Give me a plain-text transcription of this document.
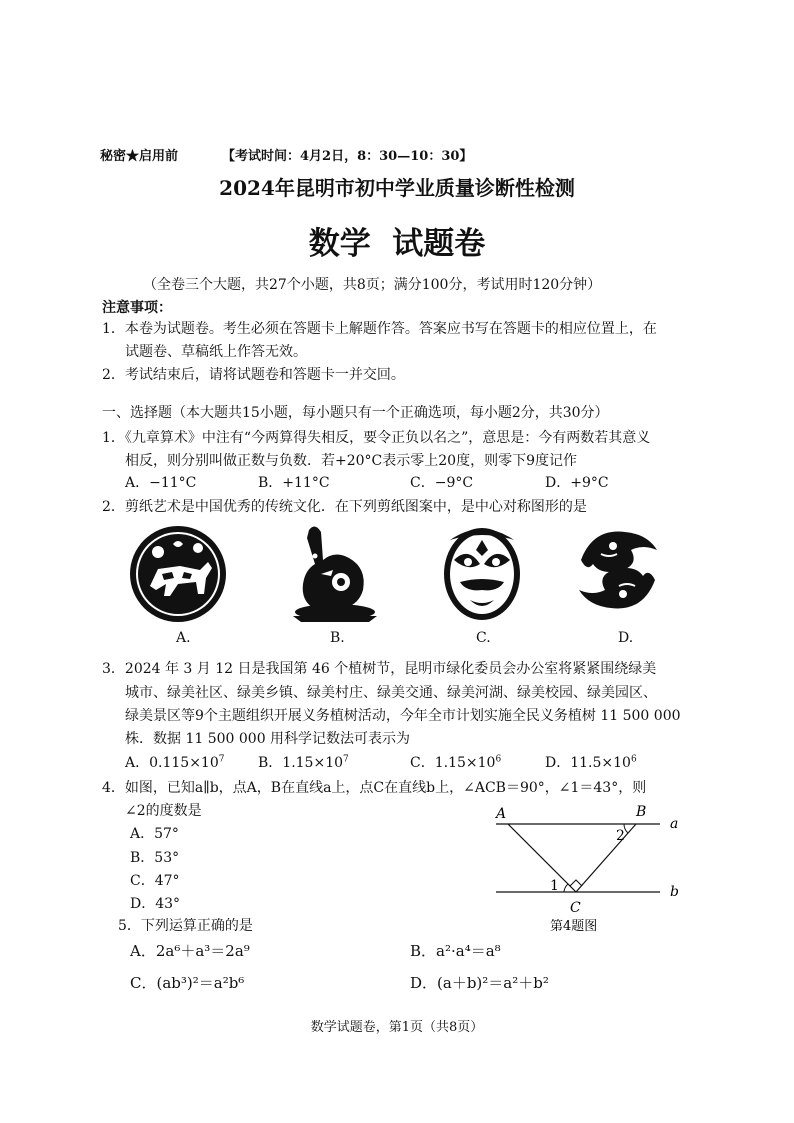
秘密★启用前	【考试时间：4月2日，8：30—10：30】
2024年昆明市初中学业质量诊断性检测
数学  试题卷
（全卷三个大题，共27个小题，共8页；满分100分，考试用时120分钟）
注意事项：
1．本卷为试题卷。考生必须在答题卡上解题作答。答案应书写在答题卡的相应位置上，在
试题卷、草稿纸上作答无效。
2．考试结束后，请将试题卷和答题卡一并交回。
一、选择题（本大题共15小题，每小题只有一个正确选项，每小题2分，共30分）
1．《九章算术》中注有“今两算得失相反，要令正负以名之”，意思是：今有两数若其意义
相反，则分别叫做正数与负数．若+20°C表示零上20度，则零下9度记作
A．−11°C	B．+11°C	C．−9°C	D．+9°C
2．剪纸艺术是中国优秀的传统文化．在下列剪纸图案中，是中心对称图形的是
A.	B.	C.	D.
3．2024 年 3 月 12 日是我国第 46 个植树节，昆明市绿化委员会办公室将紧紧围绕绿美
城市、绿美社区、绿美乡镇、绿美村庄、绿美交通、绿美河湖、绿美校园、绿美园区、
绿美景区等9个主题组织开展义务植树活动，今年全市计划实施全民义务植树 11 500 000
株．数据 11 500 000 用科学记数法可表示为
A．$0.115\times 10^7$ B．$1.15\times 10^7$	C．$1.15\times 10^6$	D．$11.5\times 10^6$
4．如图，已知a∥b，点A，B在直线a上，点C在直线b上，∠ACB＝90°，∠1＝43°，则
∠2的度数是
A．57°
B．53°
C．47°
D．43°
A	B
C
a
b
1
2
第4题图
5．下列运算正确的是
A．2a⁶＋a³＝2a⁹	B．a²·a⁴＝a⁸
C．(ab³)²＝a²b⁶	D．(a＋b)²＝a²＋b²
数学试题卷，第1页（共8页）
